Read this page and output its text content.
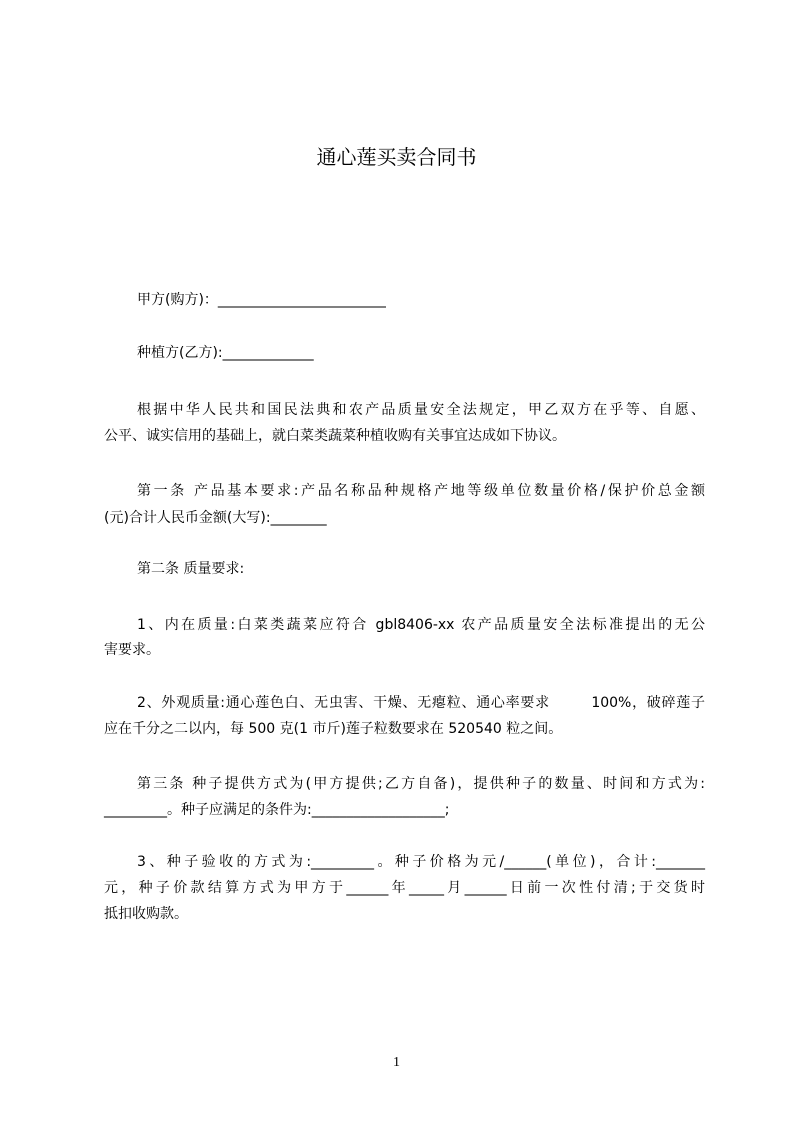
通心莲买卖合同书
甲方(购方)：________________________
种植方(乙方):_____________
根据中华人民共和国民法典和农产品质量安全法规定，甲乙双方在乎等、自愿、
公平、诚实信用的基础上，就白菜类蔬菜种植收购有关事宜达成如下协议。
第一条 产品基本要求:产品名称品种规格产地等级单位数量价格/保护价总金额
(元)合计人民币金额(大写):________
第二条 质量要求:
1、内在质量:白菜类蔬菜应符合 gbl8406-xx 农产品质量安全法标准提出的无公
害要求。
2、外观质量:通心莲色白、无虫害、干燥、无瘪粒、通心率要求        100%，破碎莲子
应在千分之二以内，每 500 克(1 市斤)莲子粒数要求在 520540 粒之间。
第三条 种子提供方式为(甲方提供;乙方自备)，提供种子的数量、时间和方式为:
_________。种子应满足的条件为:___________________;
3、种子验收的方式为:_________。种子价格为元/______(单位)，合计:_______
元，种子价款结算方式为甲方于______年_____月______日前一次性付清;于交货时
抵扣收购款。
1
